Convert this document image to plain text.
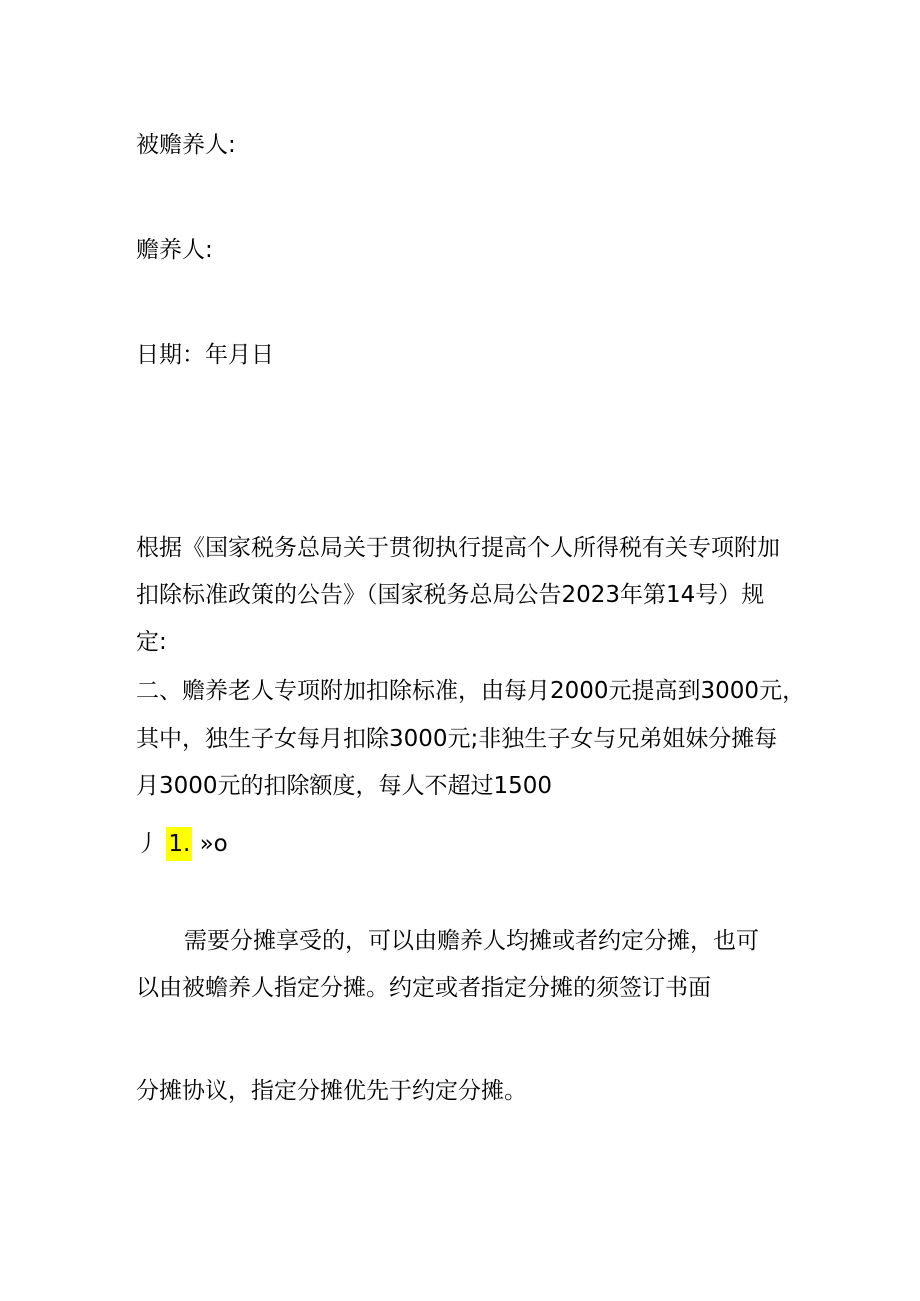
被赡养人:
赡养人:
日期：年月日
根据《国家税务总局关于贯彻执行提高个人所得税有关专项附加
扣除标准政策的公告》（国家税务总局公告2023年第14号）规
定:
二、赡养老人专项附加扣除标准，由每月2000元提高到3000元，
其中，独生子女每月扣除3000元;非独生子女与兄弟姐妹分摊每
月3000元的扣除额度，每人不超过1500
丿 1. »o
需要分摊享受的，可以由赡养人均摊或者约定分摊，也可
以由被蟾养人指定分摊。约定或者指定分摊的须签订书面
分摊协议，指定分摊优先于约定分摊。
